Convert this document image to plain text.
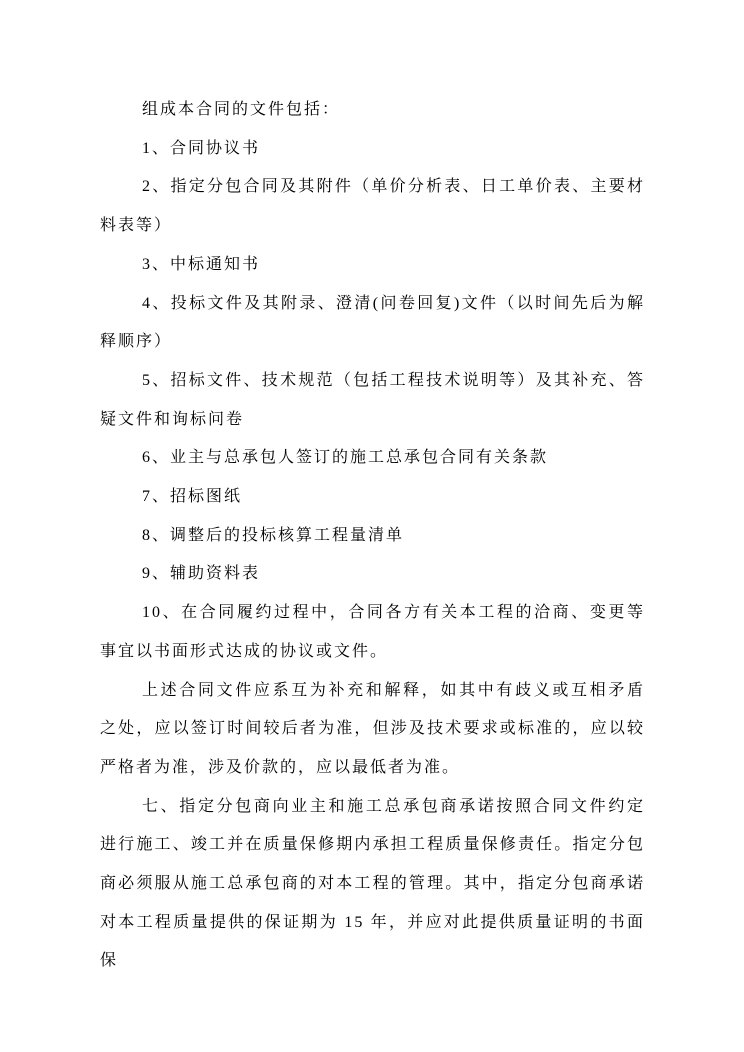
组成本合同的文件包括：

1、合同协议书

2、指定分包合同及其附件（单价分析表、日工单价表、主要材料表等）

3、中标通知书

4、投标文件及其附录、澄清(问卷回复)文件（以时间先后为解释顺序）

5、招标文件、技术规范（包括工程技术说明等）及其补充、答疑文件和询标问卷

6、业主与总承包人签订的施工总承包合同有关条款

7、招标图纸

8、调整后的投标核算工程量清单

9、辅助资料表

10、在合同履约过程中，合同各方有关本工程的洽商、变更等事宜以书面形式达成的协议或文件。

上述合同文件应系互为补充和解释，如其中有歧义或互相矛盾之处，应以签订时间较后者为准，但涉及技术要求或标准的，应以较严格者为准，涉及价款的，应以最低者为准。

七、指定分包商向业主和施工总承包商承诺按照合同文件约定进行施工、竣工并在质量保修期内承担工程质量保修责任。指定分包商必须服从施工总承包商的对本工程的管理。其中，指定分包商承诺对本工程质量提供的保证期为 15 年，并应对此提供质量证明的书面保
